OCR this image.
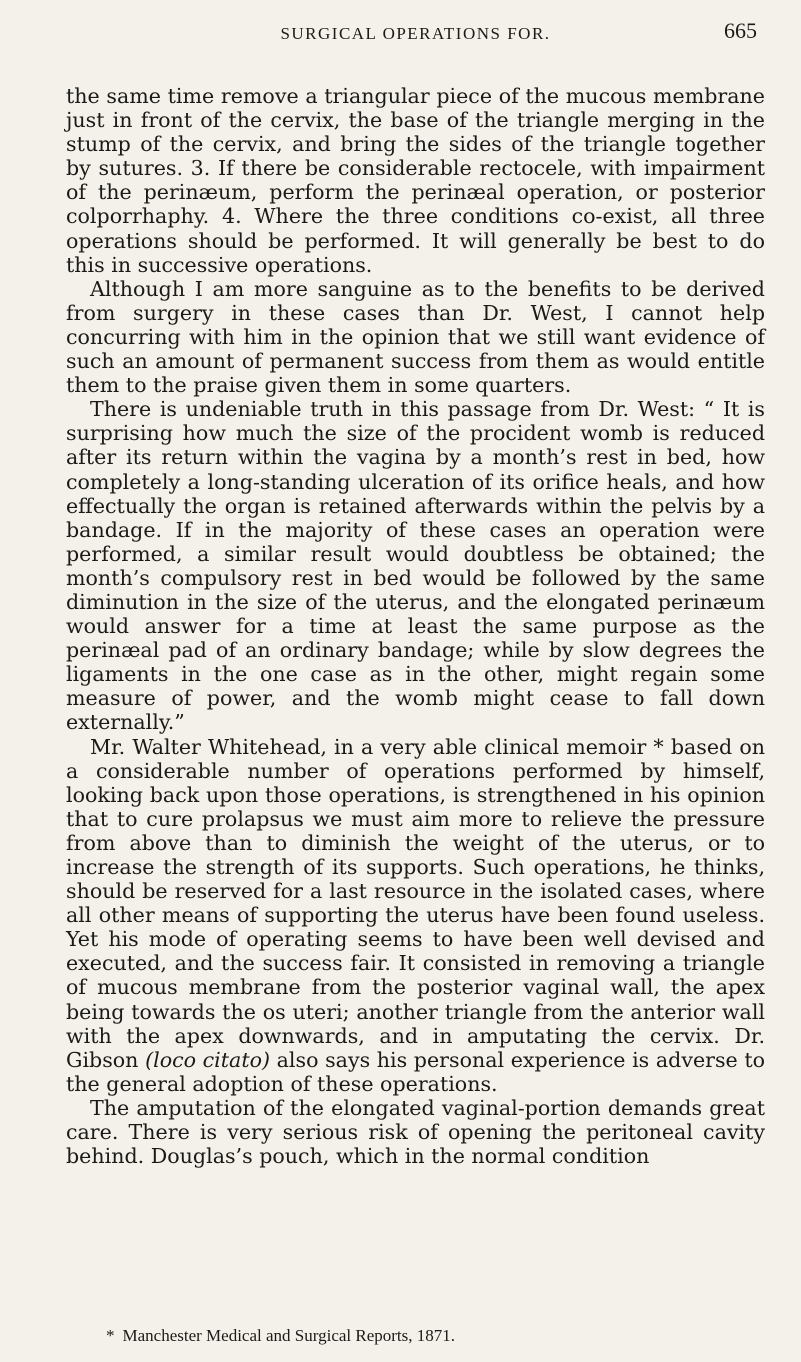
SURGICAL OPERATIONS FOR.	665

the same time remove a triangular piece of the mucous membrane just in front of the cervix, the base of the triangle merging in the stump of the cervix, and bring the sides of the triangle together by sutures. 3. If there be considerable rectocele, with impairment of the perinæum, perform the perinæal operation, or posterior colporrhaphy. 4. Where the three conditions co-exist, all three operations should be performed. It will generally be best to do this in successive operations.

Although I am more sanguine as to the benefits to be derived from surgery in these cases than Dr. West, I cannot help concurring with him in the opinion that we still want evidence of such an amount of permanent success from them as would entitle them to the praise given them in some quarters.

There is undeniable truth in this passage from Dr. West: “ It is surprising how much the size of the procident womb is reduced after its return within the vagina by a month’s rest in bed, how completely a long-standing ulceration of its orifice heals, and how effectually the organ is retained afterwards within the pelvis by a bandage. If in the majority of these cases an operation were performed, a similar result would doubtless be obtained; the month’s compulsory rest in bed would be followed by the same diminution in the size of the uterus, and the elongated perinæum would answer for a time at least the same purpose as the perinæal pad of an ordinary bandage; while by slow degrees the ligaments in the one case as in the other, might regain some measure of power, and the womb might cease to fall down externally.”

Mr. Walter Whitehead, in a very able clinical memoir * based on a considerable number of operations performed by himself, looking back upon those operations, is strengthened in his opinion that to cure prolapsus we must aim more to relieve the pressure from above than to diminish the weight of the uterus, or to increase the strength of its supports. Such operations, he thinks, should be reserved for a last resource in the isolated cases, where all other means of supporting the uterus have been found useless. Yet his mode of operating seems to have been well devised and executed, and the success fair. It consisted in removing a triangle of mucous membrane from the posterior vaginal wall, the apex being towards the os uteri; another triangle from the anterior wall with the apex downwards, and in amputating the cervix. Dr. Gibson (loco citato) also says his personal experience is adverse to the general adoption of these operations.

The amputation of the elongated vaginal-portion demands great care. There is very serious risk of opening the peritoneal cavity behind. Douglas’s pouch, which in the normal condition

* Manchester Medical and Surgical Reports, 1871.
